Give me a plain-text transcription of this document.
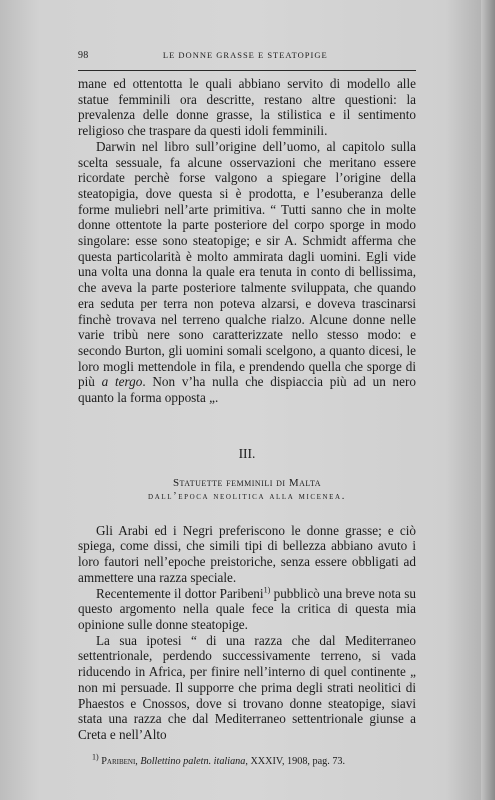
98	LE DONNE GRASSE E STEATOPIGE

mane ed ottentotta le quali abbiano servito di modello alle statue femminili ora descritte, restano altre questioni: la prevalenza delle donne grasse, la stilistica e il sentimento religioso che traspare da questi idoli femminili.

Darwin nel libro sull’origine dell’uomo, al capitolo sulla scelta sessuale, fa alcune osservazioni che meritano essere ricordate perchè forse valgono a spiegare l’origine della steatopigia, dove questa si è prodotta, e l’esuberanza delle forme muliebri nell’arte primitiva. “ Tutti sanno che in molte donne ottentote la parte posteriore del corpo sporge in modo singolare: esse sono steatopige; e sir A. Schmidt afferma che questa particolarità è molto ammirata dagli uomini. Egli vide una volta una donna la quale era tenuta in conto di bellissima, che aveva la parte posteriore talmente sviluppata, che quando era seduta per terra non poteva alzarsi, e doveva trascinarsi finchè trovava nel terreno qualche rialzo. Alcune donne nelle varie tribù nere sono caratterizzate nello stesso modo: e secondo Burton, gli uomini somali scelgono, a quanto dicesi, le loro mogli mettendole in fila, e prendendo quella che sporge di più a tergo. Non v’ha nulla che dispiaccia più ad un nero quanto la forma opposta „.

III.
Statuette femminili di Malta
dall’epoca neolitica alla micenea.

Gli Arabi ed i Negri preferiscono le donne grasse; e ciò spiega, come dissi, che simili tipi di bellezza abbiano avuto i loro fautori nell’epoche preistoriche, senza essere obbligati ad ammettere una razza speciale.

Recentemente il dottor Paribeni$^{1)}$ pubblicò una breve nota su questo argomento nella quale fece la critica di questa mia opinione sulle donne steatopige.

La sua ipotesi “ di una razza che dal Mediterraneo settentrionale, perdendo successivamente terreno, si vada riducendo in Africa, per finire nell’interno di quel continente „ non mi persuade. Il supporre che prima degli strati neolitici di Phaestos e Cnossos, dove si trovano donne steatopige, siavi stata una razza che dal Mediterraneo settentrionale giunse a Creta e nell’Alto

$^{1)}$ Paribeni, Bollettino paletn. italiana, XXXIV, 1908, pag. 73.
